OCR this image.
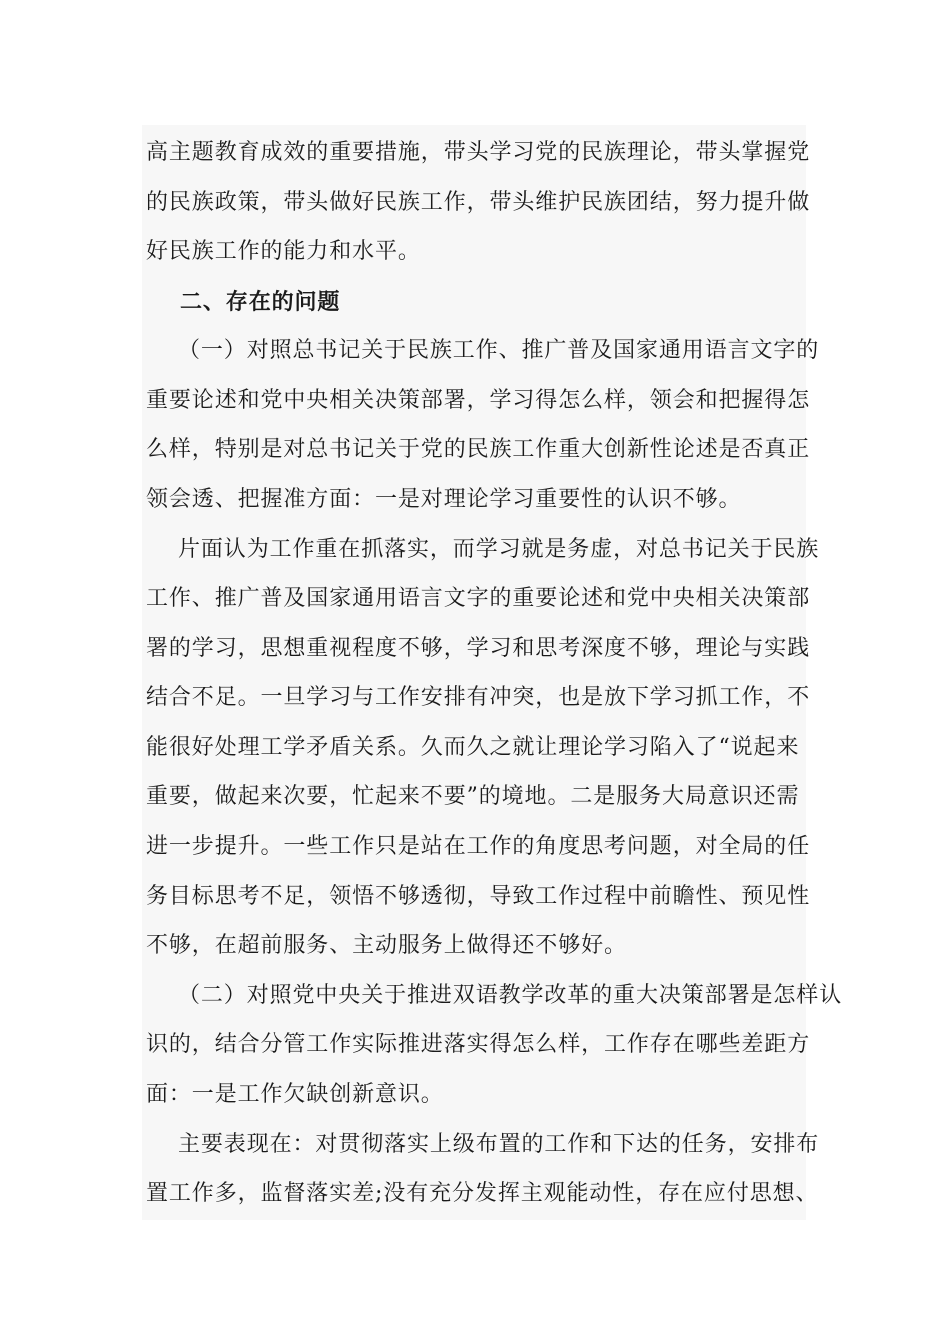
高主题教育成效的重要措施，带头学习党的民族理论，带头掌握党
的民族政策，带头做好民族工作，带头维护民族团结，努力提升做
好民族工作的能力和水平。
二、存在的问题
（一）对照总书记关于民族工作、推广普及国家通用语言文字的
重要论述和党中央相关决策部署，学习得怎么样，领会和把握得怎
么样，特别是对总书记关于党的民族工作重大创新性论述是否真正
领会透、把握准方面：一是对理论学习重要性的认识不够。
片面认为工作重在抓落实，而学习就是务虚，对总书记关于民族
工作、推广普及国家通用语言文字的重要论述和党中央相关决策部
署的学习，思想重视程度不够，学习和思考深度不够，理论与实践
结合不足。一旦学习与工作安排有冲突，也是放下学习抓工作，不
能很好处理工学矛盾关系。久而久之就让理论学习陷入了“说起来
重要，做起来次要，忙起来不要”的境地。二是服务大局意识还需
进一步提升。一些工作只是站在工作的角度思考问题，对全局的任
务目标思考不足，领悟不够透彻，导致工作过程中前瞻性、预见性
不够，在超前服务、主动服务上做得还不够好。
（二）对照党中央关于推进双语教学改革的重大决策部署是怎样认
识的，结合分管工作实际推进落实得怎么样，工作存在哪些差距方
面：一是工作欠缺创新意识。
主要表现在：对贯彻落实上级布置的工作和下达的任务，安排布
置工作多，监督落实差;没有充分发挥主观能动性，存在应付思想、
